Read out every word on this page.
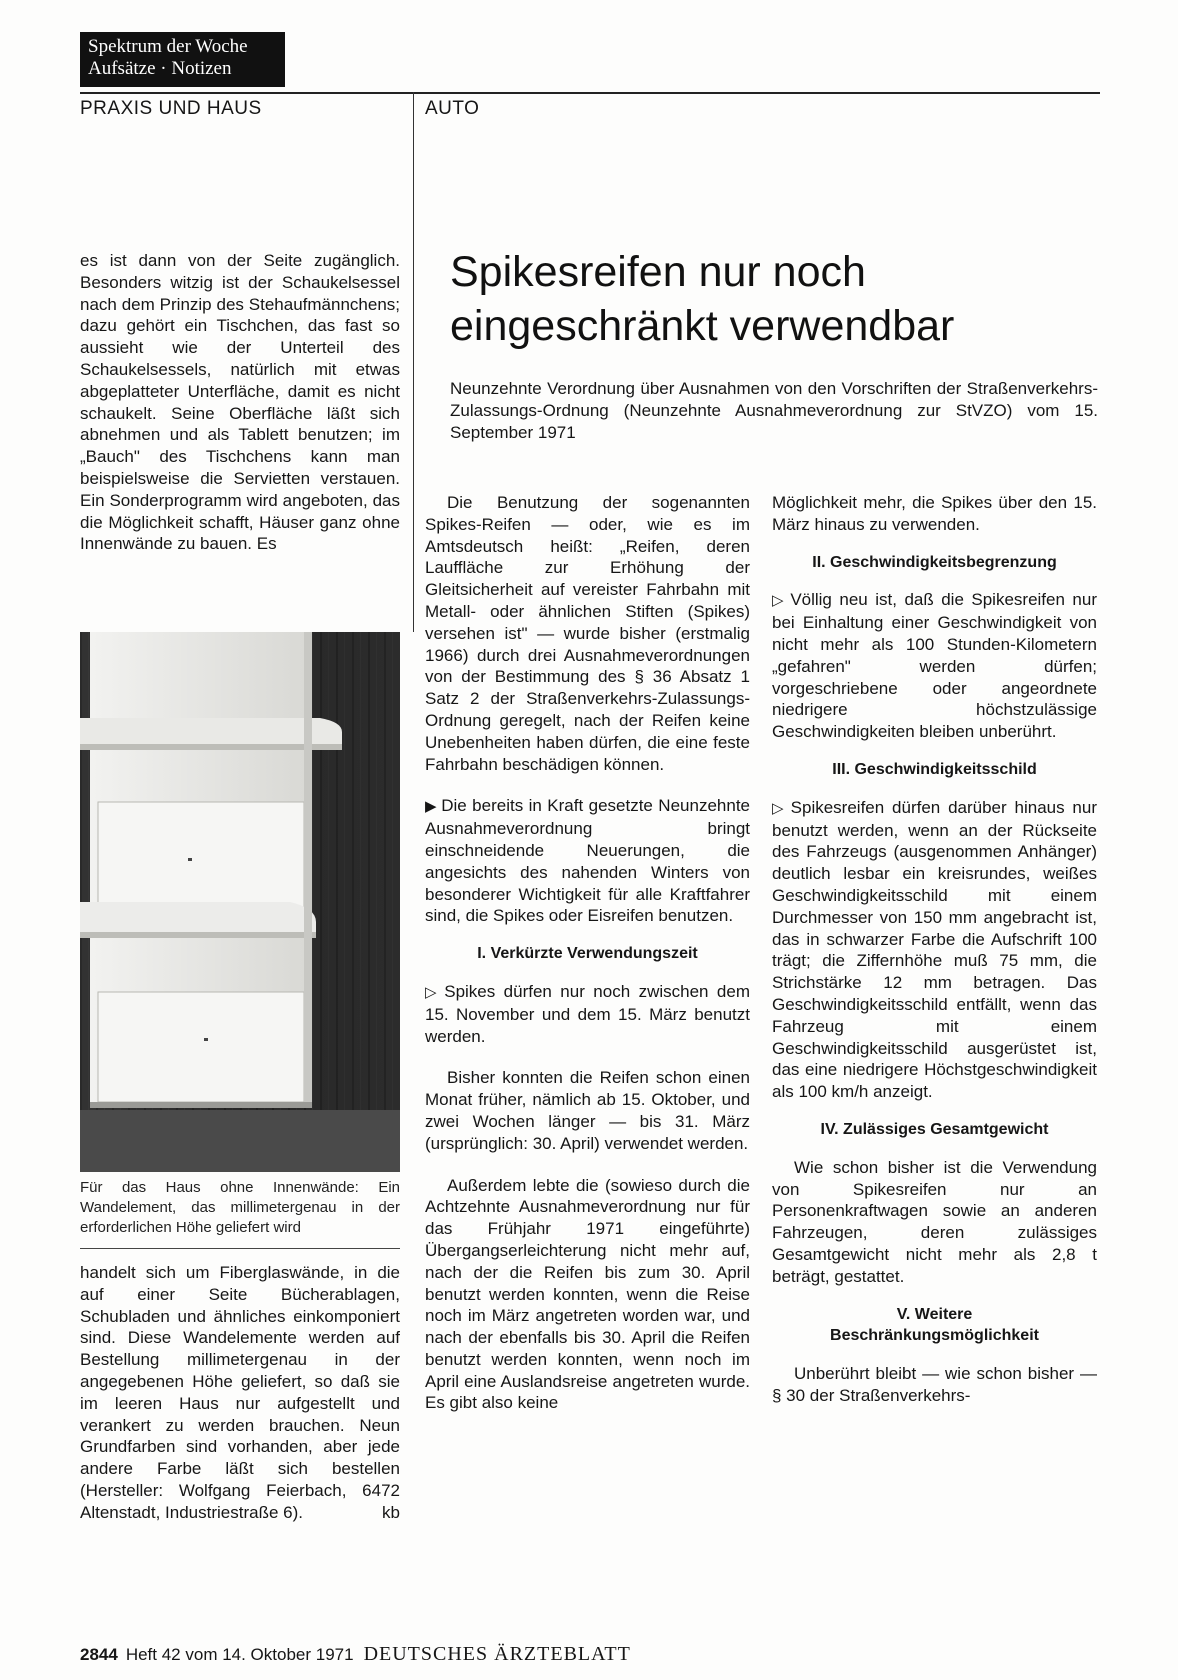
Spektrum der Woche
Aufsätze · Notizen
PRAXIS UND HAUS	AUTO

es ist dann von der Seite zugänglich. Besonders witzig ist der Schaukelsessel nach dem Prinzip des Stehaufmännchens; dazu gehört ein Tischchen, das fast so aussieht wie der Unterteil des Schaukelsessels, natürlich mit etwas abgeplatteter Unterfläche, damit es nicht schaukelt. Seine Oberfläche läßt sich abnehmen und als Tablett benutzen; im „Bauch" des Tischchens kann man beispielsweise die Servietten verstauen. Ein Sonderprogramm wird angeboten, das die Möglichkeit schafft, Häuser ganz ohne Innenwände zu bauen. Es

Für das Haus ohne Innenwände: Ein Wandelement, das millimetergenau in der erforderlichen Höhe geliefert wird

handelt sich um Fiberglaswände, in die auf einer Seite Bücherablagen, Schubladen und ähnliches einkomponiert sind. Diese Wandelemente werden auf Bestellung millimetergenau in der angegebenen Höhe geliefert, so daß sie im leeren Haus nur aufgestellt und verankert zu werden brauchen. Neun Grundfarben sind vorhanden, aber jede andere Farbe läßt sich bestellen (Hersteller: Wolfgang Feierbach, 6472 Altenstadt, Industriestraße 6).	kb

Spikesreifen nur noch
eingeschränkt verwendbar
Neunzehnte Verordnung über Ausnahmen von den Vorschriften der Straßenverkehrs-Zulassungs-Ordnung (Neunzehnte Ausnahmeverordnung zur StVZO) vom 15. September 1971

Die Benutzung der sogenannten Spikes-Reifen — oder, wie es im Amtsdeutsch heißt: „Reifen, deren Lauffläche zur Erhöhung der Gleitsicherheit auf vereister Fahrbahn mit Metall- oder ähnlichen Stiften (Spikes) versehen ist" — wurde bisher (erstmalig 1966) durch drei Ausnahmeverordnungen von der Bestimmung des § 36 Absatz 1 Satz 2 der Straßenverkehrs-Zulassungs-Ordnung geregelt, nach der Reifen keine Unebenheiten haben dürfen, die eine feste Fahrbahn beschädigen können.

▶ Die bereits in Kraft gesetzte Neunzehnte Ausnahmeverordnung bringt einschneidende Neuerungen, die angesichts des nahenden Winters von besonderer Wichtigkeit für alle Kraftfahrer sind, die Spikes oder Eisreifen benutzen.

I. Verkürzte Verwendungszeit

▷ Spikes dürfen nur noch zwischen dem 15. November und dem 15. März benutzt werden.

Bisher konnten die Reifen schon einen Monat früher, nämlich ab 15. Oktober, und zwei Wochen länger — bis 31. März (ursprünglich: 30. April) verwendet werden.

Außerdem lebte die (sowieso durch die Achtzehnte Ausnahmeverordnung nur für das Frühjahr 1971 eingeführte) Übergangserleichterung nicht mehr auf, nach der die Reifen bis zum 30. April benutzt werden konnten, wenn die Reise noch im März angetreten worden war, und nach der ebenfalls bis 30. April die Reifen benutzt werden konnten, wenn noch im April eine Auslandsreise angetreten wurde. Es gibt also keine

Möglichkeit mehr, die Spikes über den 15. März hinaus zu verwenden.

II. Geschwindigkeitsbegrenzung

▷ Völlig neu ist, daß die Spikesreifen nur bei Einhaltung einer Geschwindigkeit von nicht mehr als 100 Stunden-Kilometern „gefahren" werden dürfen; vorgeschriebene oder angeordnete niedrigere höchstzulässige Geschwindigkeiten bleiben unberührt.

III. Geschwindigkeitsschild

▷ Spikesreifen dürfen darüber hinaus nur benutzt werden, wenn an der Rückseite des Fahrzeugs (ausgenommen Anhänger) deutlich lesbar ein kreisrundes, weißes Geschwindigkeitsschild mit einem Durchmesser von 150 mm angebracht ist, das in schwarzer Farbe die Aufschrift 100 trägt; die Ziffernhöhe muß 75 mm, die Strichstärke 12 mm betragen. Das Geschwindigkeitsschild entfällt, wenn das Fahrzeug mit einem Geschwindigkeitsschild ausgerüstet ist, das eine niedrigere Höchstgeschwindigkeit als 100 km/h anzeigt.

IV. Zulässiges Gesamtgewicht

Wie schon bisher ist die Verwendung von Spikesreifen nur an Personenkraftwagen sowie an anderen Fahrzeugen, deren zulässiges Gesamtgewicht nicht mehr als 2,8 t beträgt, gestattet.

V. Weitere
Beschränkungsmöglichkeit

Unberührt bleibt — wie schon bisher — § 30 der Straßenverkehrs-

2844 Heft 42 vom 14. Oktober 1971 DEUTSCHES ÄRZTEBLATT
